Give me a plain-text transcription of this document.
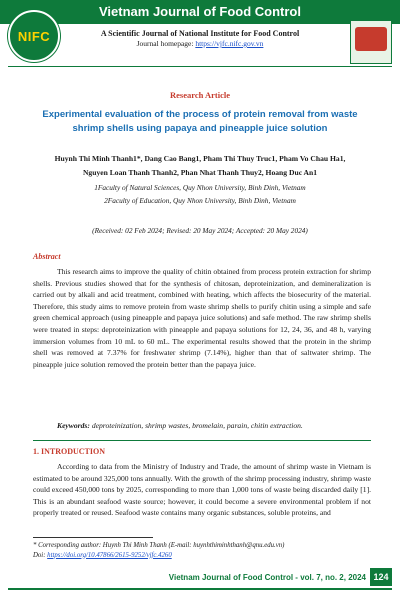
NIFC
Vietnam Journal of Food Control
A Scientific Journal of National Institute for Food Control
Journal homepage: https://vjfc.nifc.gov.vn
Research Article
Experimental evaluation of the process of protein removal from waste shrimp shells using papaya and pineapple juice solution
Huynh Thi Minh Thanh1*, Dang Cao Bang1, Pham Thi Thuy Truc1, Pham Vo Chau Ha1,
Nguyen Loan Thanh Thanh2, Phan Nhat Thanh Thuy2, Hoang Duc An1
1Faculty of Natural Sciences, Quy Nhon University, Binh Dinh, Vietnam
2Faculty of Education, Quy Nhon University, Binh Dinh, Vietnam
(Received: 02 Feb 2024; Revised: 20 May 2024; Accepted: 20 May 2024)
Abstract

This research aims to improve the quality of chitin obtained from process protein extraction for shrimp shells. Previous studies showed that for the synthesis of chitosan, deproteinization, and demineralization is carried out by alkali and acid treatment, combined with heating, which affects the biosecurity of the material. Therefore, this study aims to remove protein from waste shrimp shells to purify chitin using a simple and safe green chemical approach (using pineapple and papaya juice solutions) and safe method. The raw shrimp shells were treated in steps: deproteinization with pineapple and papaya solutions for 12, 24, 36, and 48 h, varying immersion volumes from 10 mL to 60 mL. The experimental results showed that the protein in the shrimp shell was removed at 7.37% for freshwater shrimp (7.14%), higher than that of saltwater shrimp. The pineapple juice solution removed the protein better than the papaya juice.

Keywords: deproteinization, shrimp wastes, bromelain, parain, chitin extraction.
1. INTRODUCTION

According to data from the Ministry of Industry and Trade, the amount of shrimp waste in Vietnam is estimated to be around 325,000 tons annually. With the growth of the shrimp processing industry, shrimp waste could exceed 450,000 tons by 2025, corresponding to more than 1,000 tons of waste being discarded daily [1]. This is an abundant seafood waste source; however, it could become a severe environmental problem if not properly treated or reused. Seafood waste contains many organic substances, soluble proteins, and

* Corresponding author: Huynh Thi Minh Thanh (E-mail: huynhthiminhthanh@qnu.edu.vn)
Doi: https://doi.org/10.47866/2615-9252/vjfc.4260
Vietnam Journal of Food Control - vol. 7, no. 2, 2024 124
